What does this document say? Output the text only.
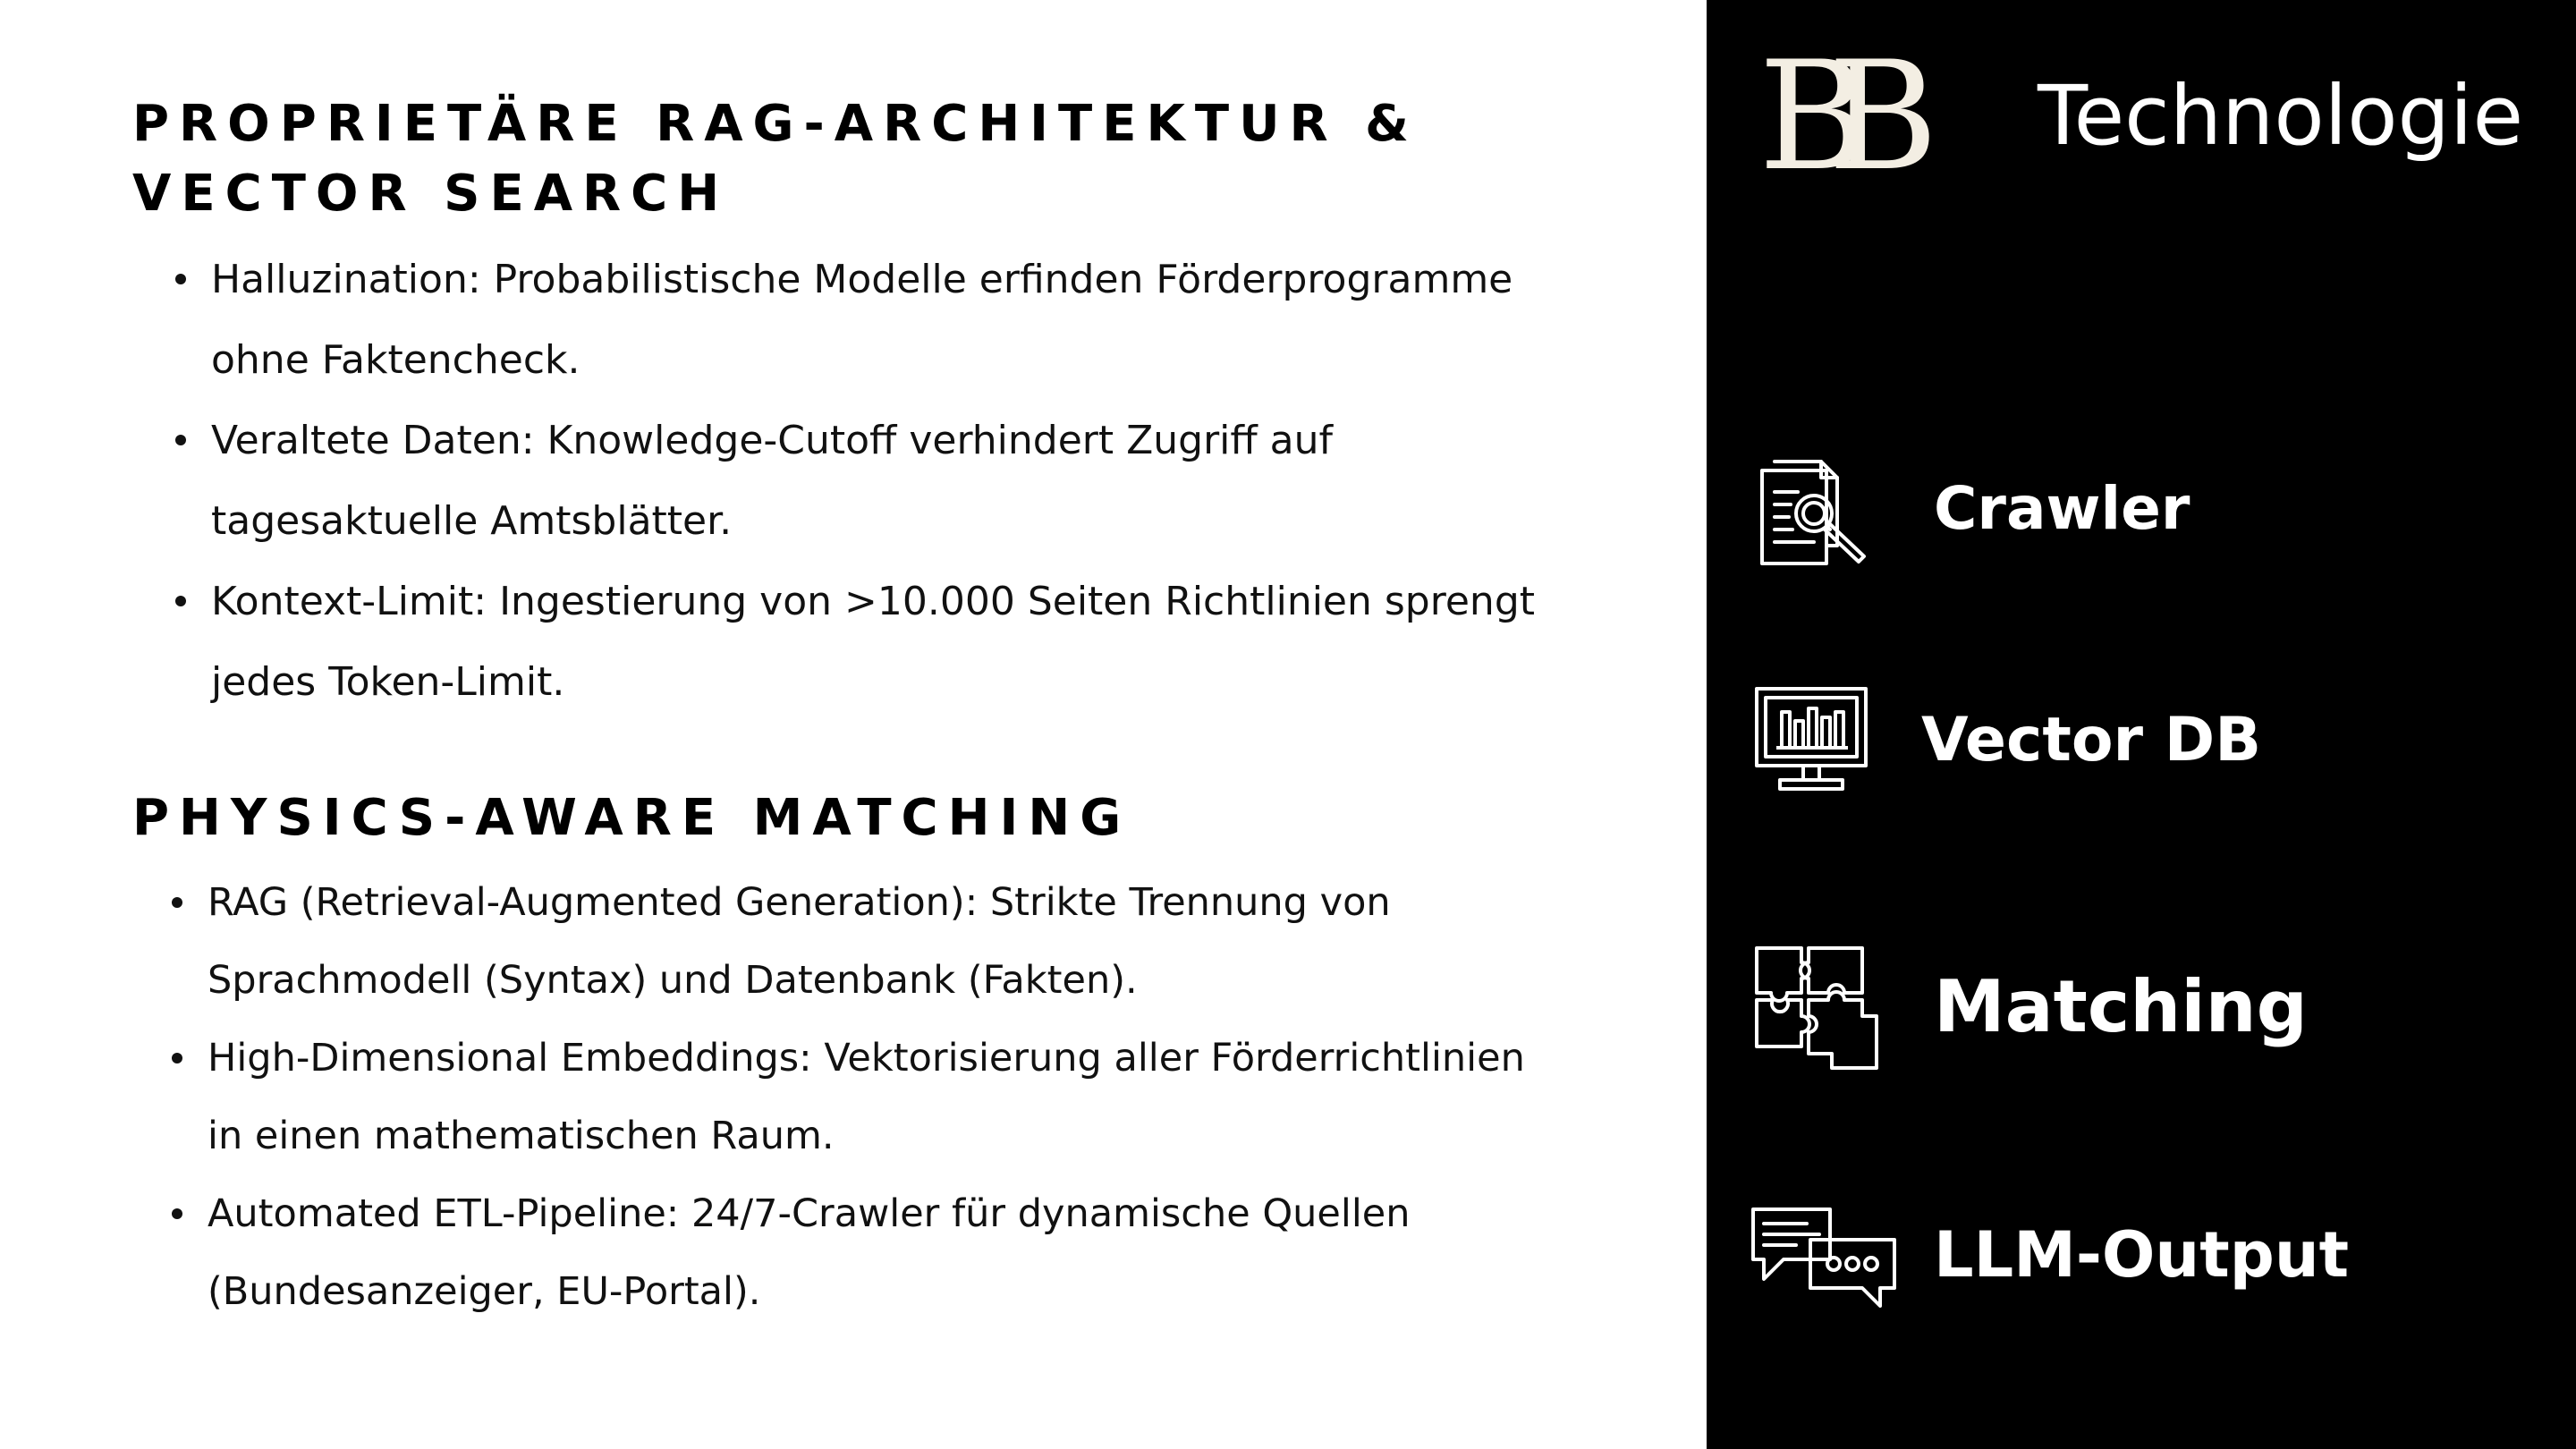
PROPRIETÄRE RAG-ARCHITEKTUR & VECTOR SEARCH
Halluzination: Probabilistische Modelle erfinden Förderprogramme ohne Faktencheck.
Veraltete Daten: Knowledge-Cutoff verhindert Zugriff auf tagesaktuelle Amtsblätter.
Kontext-Limit: Ingestierung von >10.000 Seiten Richtlinien sprengt jedes Token-Limit.
PHYSICS-AWARE MATCHING
RAG (Retrieval-Augmented Generation): Strikte Trennung von Sprachmodell (Syntax) und Datenbank (Fakten).
High-Dimensional Embeddings: Vektorisierung aller Förderrichtlinien in einen mathematischen Raum.
Automated ETL-Pipeline: 24/7-Crawler für dynamische Quellen (Bundesanzeiger, EU-Portal).
BB	Technologie
Crawler
Vector DB
Matching
LLM-Output
